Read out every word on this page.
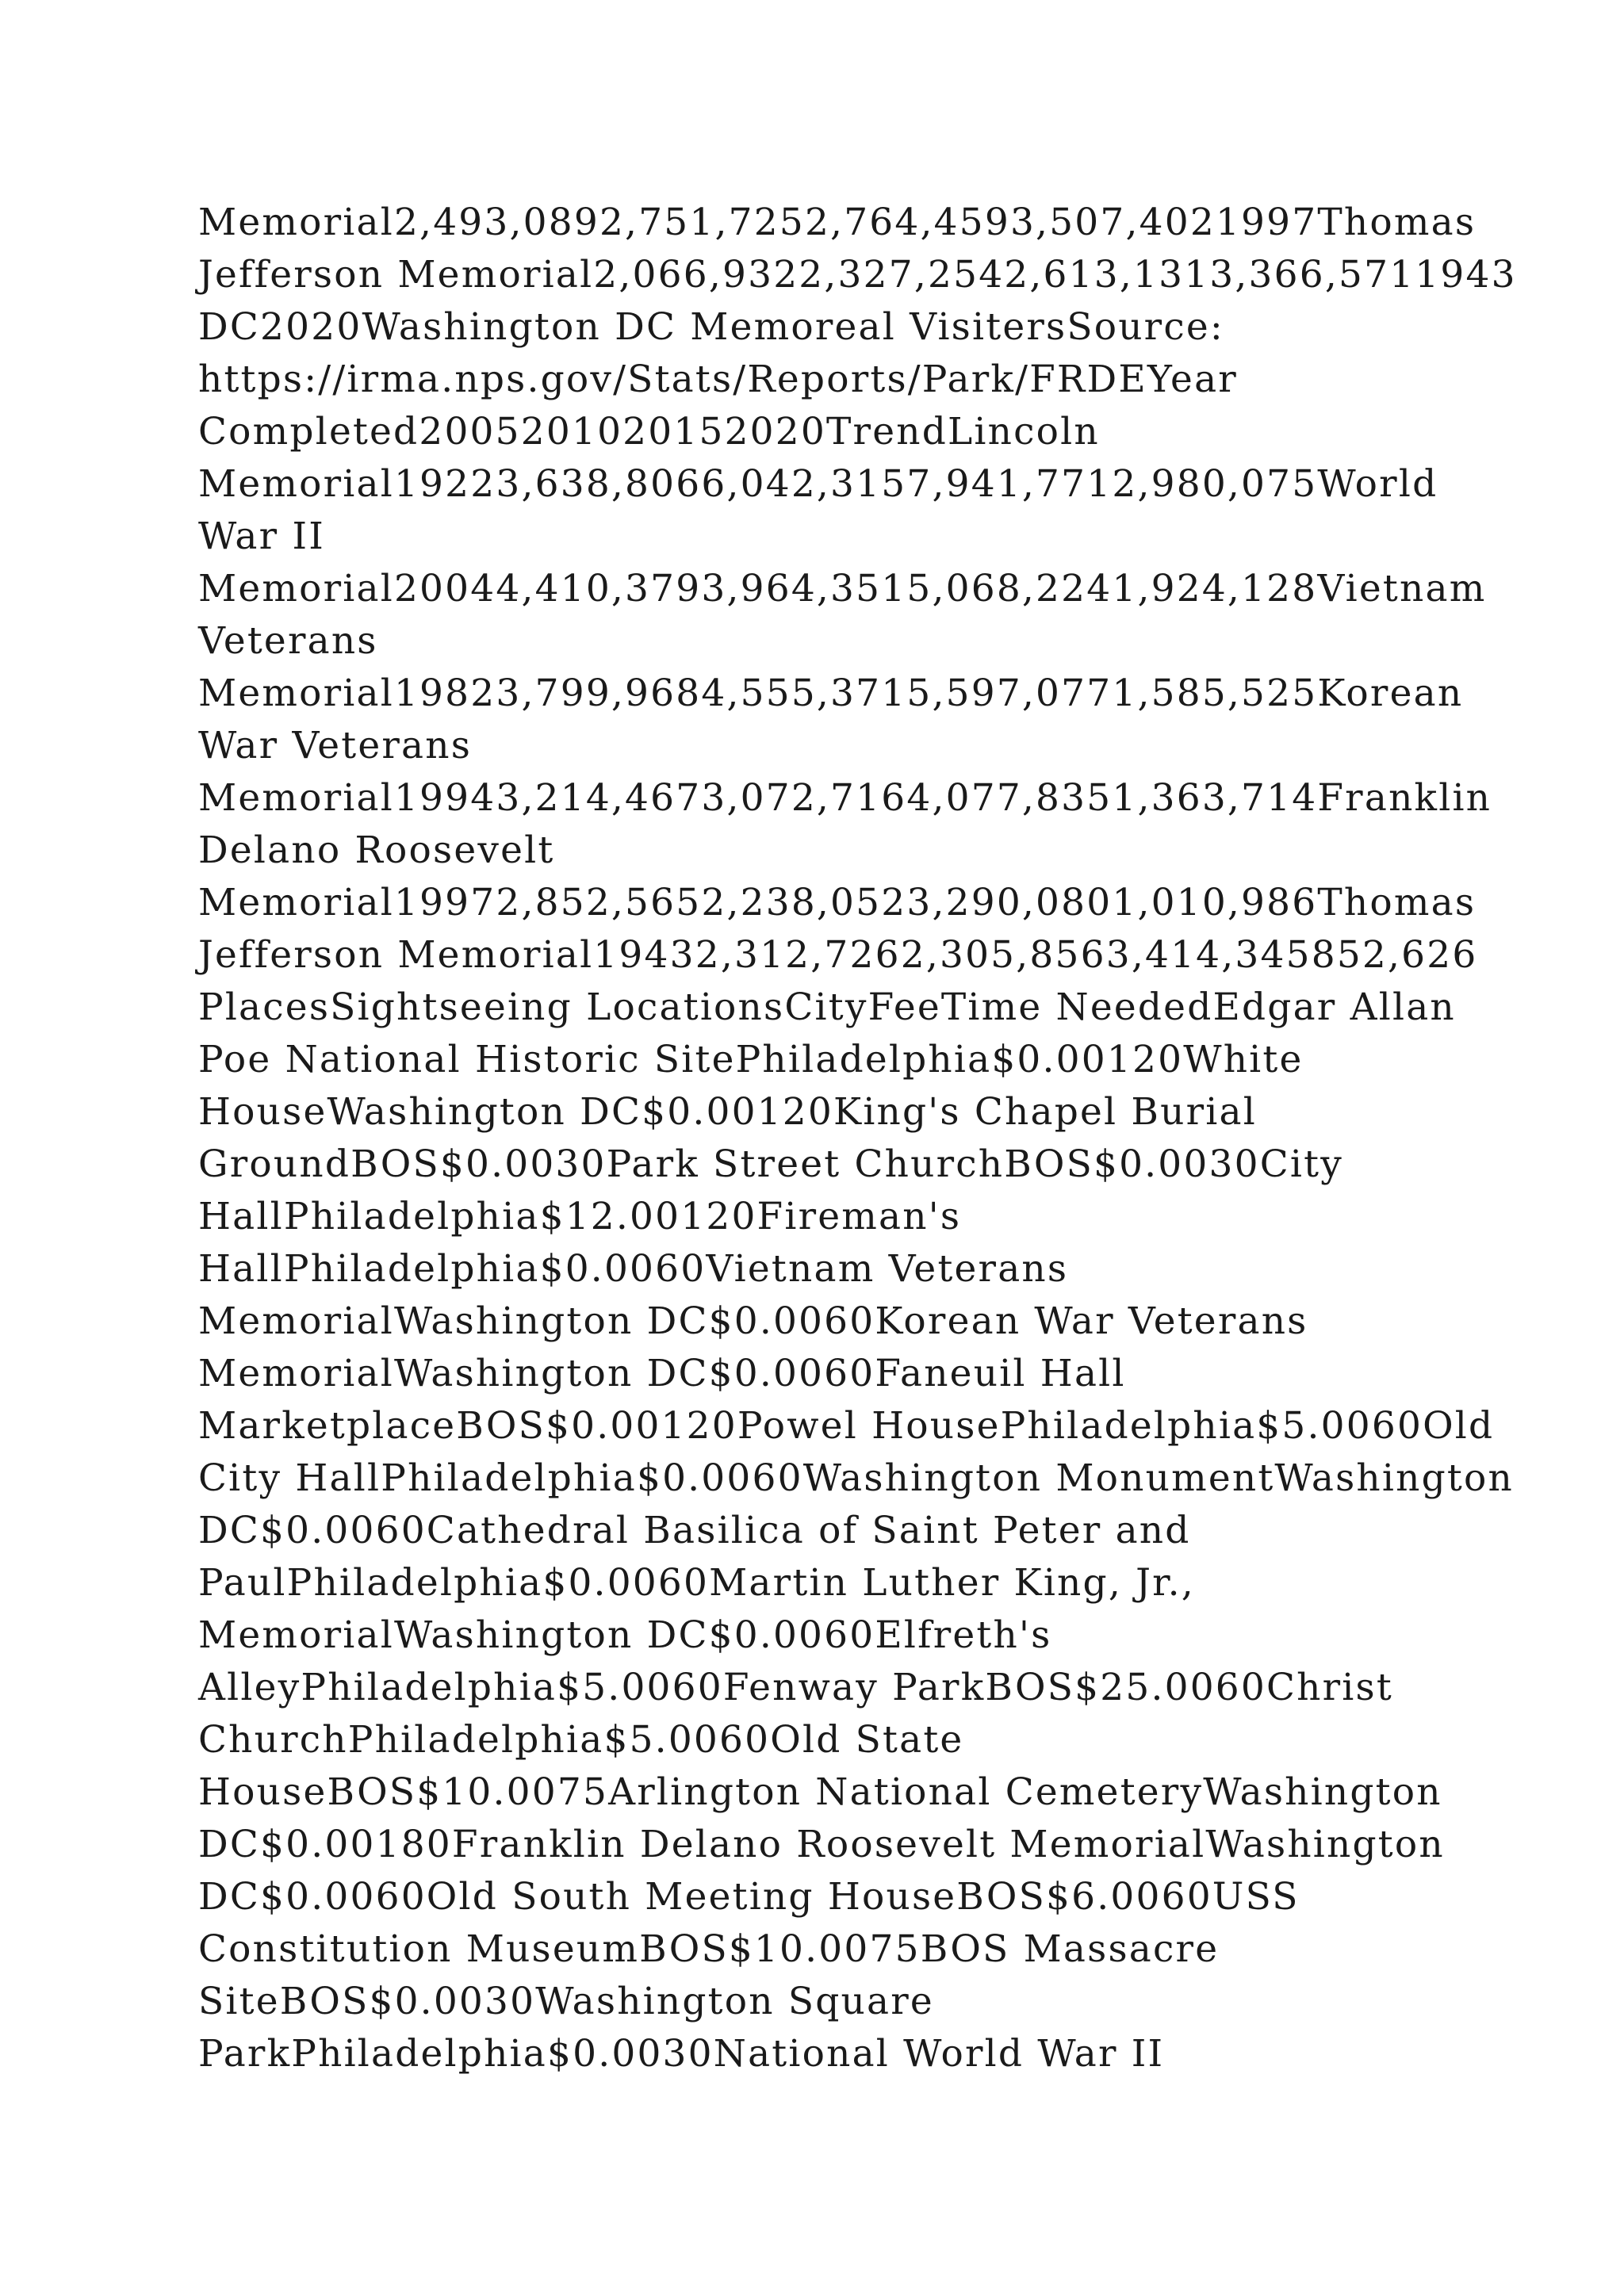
Memorial2,493,0892,751,7252,764,4593,507,4021997Thomas
Jefferson Memorial2,066,9322,327,2542,613,1313,366,5711943
DC2020Washington DC Memoreal VisitersSource:
https://irma.nps.gov/Stats/Reports/Park/FRDEYear
Completed2005201020152020TrendLincoln
Memorial19223,638,8066,042,3157,941,7712,980,075World
War II
Memorial20044,410,3793,964,3515,068,2241,924,128Vietnam
Veterans
Memorial19823,799,9684,555,3715,597,0771,585,525Korean
War Veterans
Memorial19943,214,4673,072,7164,077,8351,363,714Franklin
Delano Roosevelt
Memorial19972,852,5652,238,0523,290,0801,010,986Thomas
Jefferson Memorial19432,312,7262,305,8563,414,345852,626
PlacesSightseeing LocationsCityFeeTime NeededEdgar Allan
Poe National Historic SitePhiladelphia$0.00120White
HouseWashington DC$0.00120King's Chapel Burial
GroundBOS$0.0030Park Street ChurchBOS$0.0030City
HallPhiladelphia$12.00120Fireman's
HallPhiladelphia$0.0060Vietnam Veterans
MemorialWashington DC$0.0060Korean War Veterans
MemorialWashington DC$0.0060Faneuil Hall
MarketplaceBOS$0.00120Powel HousePhiladelphia$5.0060Old
City HallPhiladelphia$0.0060Washington MonumentWashington
DC$0.0060Cathedral Basilica of Saint Peter and
PaulPhiladelphia$0.0060Martin Luther King, Jr.,
MemorialWashington DC$0.0060Elfreth's
AlleyPhiladelphia$5.0060Fenway ParkBOS$25.0060Christ
ChurchPhiladelphia$5.0060Old State
HouseBOS$10.0075Arlington National CemeteryWashington
DC$0.00180Franklin Delano Roosevelt MemorialWashington
DC$0.0060Old South Meeting HouseBOS$6.0060USS
Constitution MuseumBOS$10.0075BOS Massacre
SiteBOS$0.0030Washington Square
ParkPhiladelphia$0.0030National World War II
